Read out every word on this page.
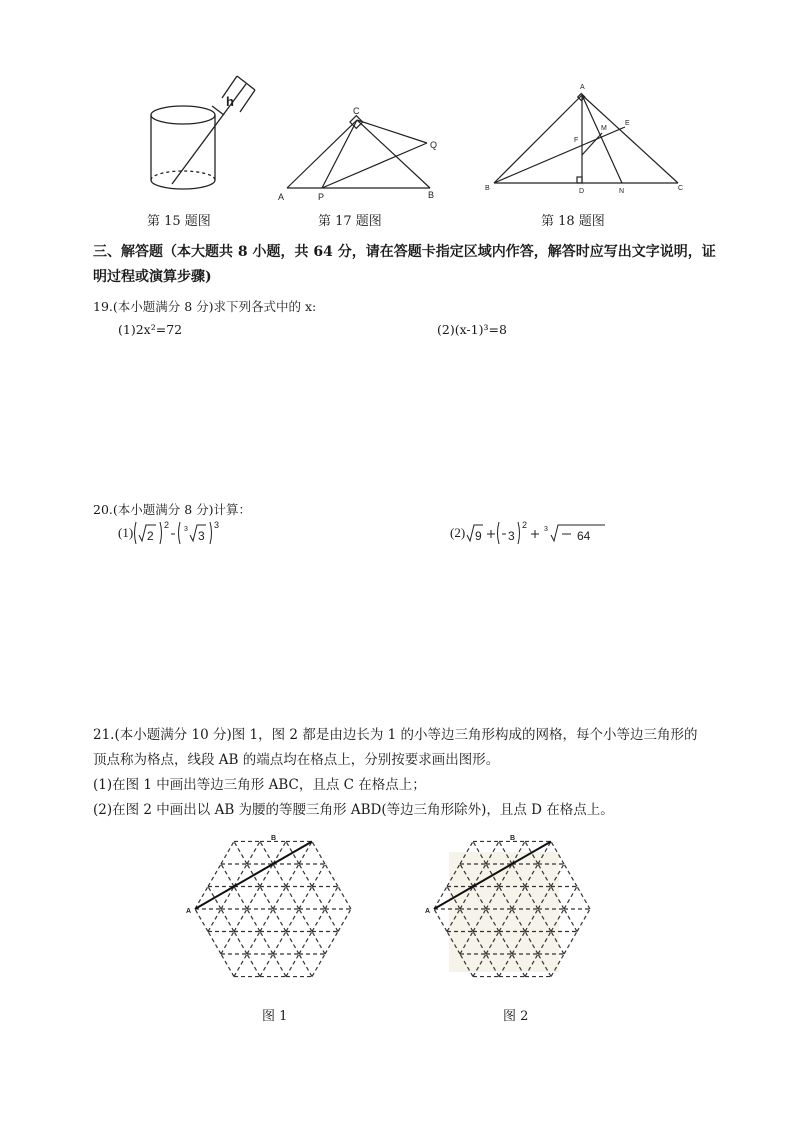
h
第 15 题图
C
A	P	B
Q
第 17 题图
A
B	C
D	N
E
F
M
第 18 题图
三、解答题（本大题共 8 小题，共 64 分，请在答题卡指定区域内作答，解答时应写出文字说明，证
明过程或演算步骤)
19.(本小题满分 8 分)求下列各式中的 x:
(1)2x²=72	(2)(x-1)³=8
20.(本小题满分 8 分)计算：
(1) 2
2 3 3
3	(2) 9 3
2 3 64
21.(本小题满分 10 分)图 1，图 2 都是由边长为 1 的小等边三角形构成的网格，每个小等边三角形的
顶点称为格点，线段 AB 的端点均在格点上，分别按要求画出图形。
(1)在图 1 中画出等边三角形 ABC，且点 C 在格点上；
(2)在图 2 中画出以 AB 为腰的等腰三角形 ABD(等边三角形除外)，且点 D 在格点上。
A
B
图 1
A
B
图 2
